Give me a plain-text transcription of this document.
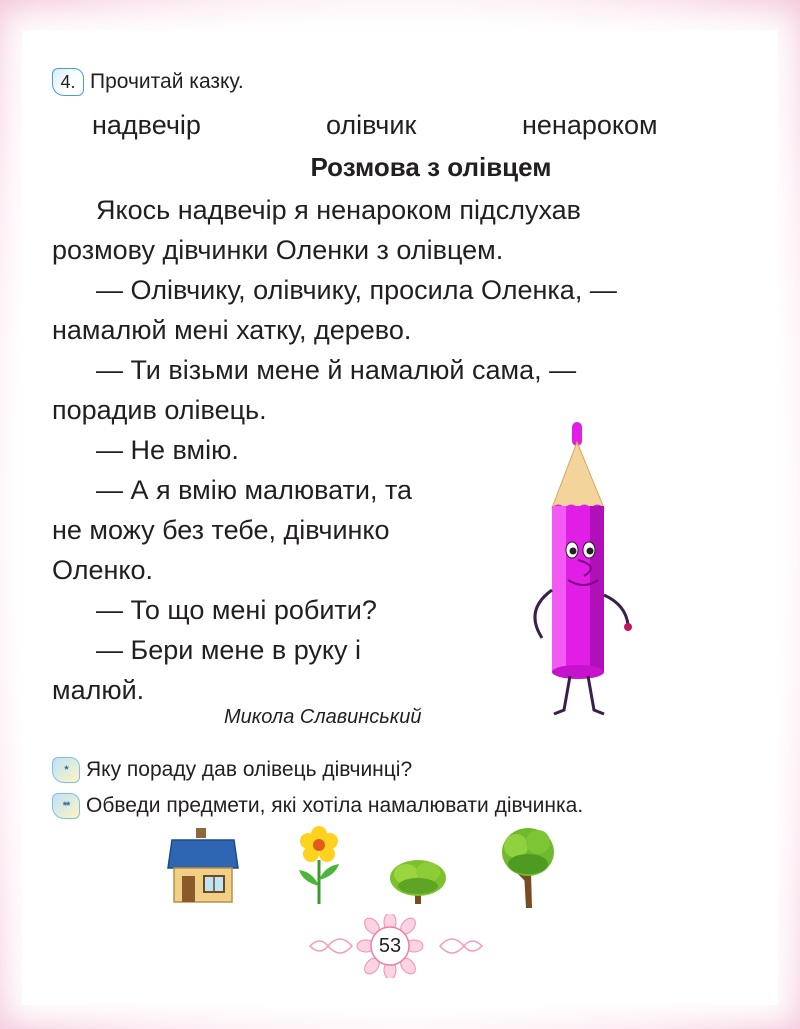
4. Прочитай казку.
надвечір	олівчик	ненароком
Розмова з олівцем
Якось надвечір я ненароком підслухав
розмову дівчинки Оленки з олівцем.
— Олівчику, олівчику, просила Оленка, —
намалюй мені хатку, дерево.
— Ти візьми мене й намалюй сама, —
порадив олівець.
— Не вмію.
— А я вмію малювати, та
не можу без тебе, дівчинко
Оленко.
— То що мені робити?
— Бери мене в руку і
малюй.
Микола Славинський
* Яку пораду дав олівець дівчинці?
** Обведи предмети, які хотіла намалювати дівчинка.
53
